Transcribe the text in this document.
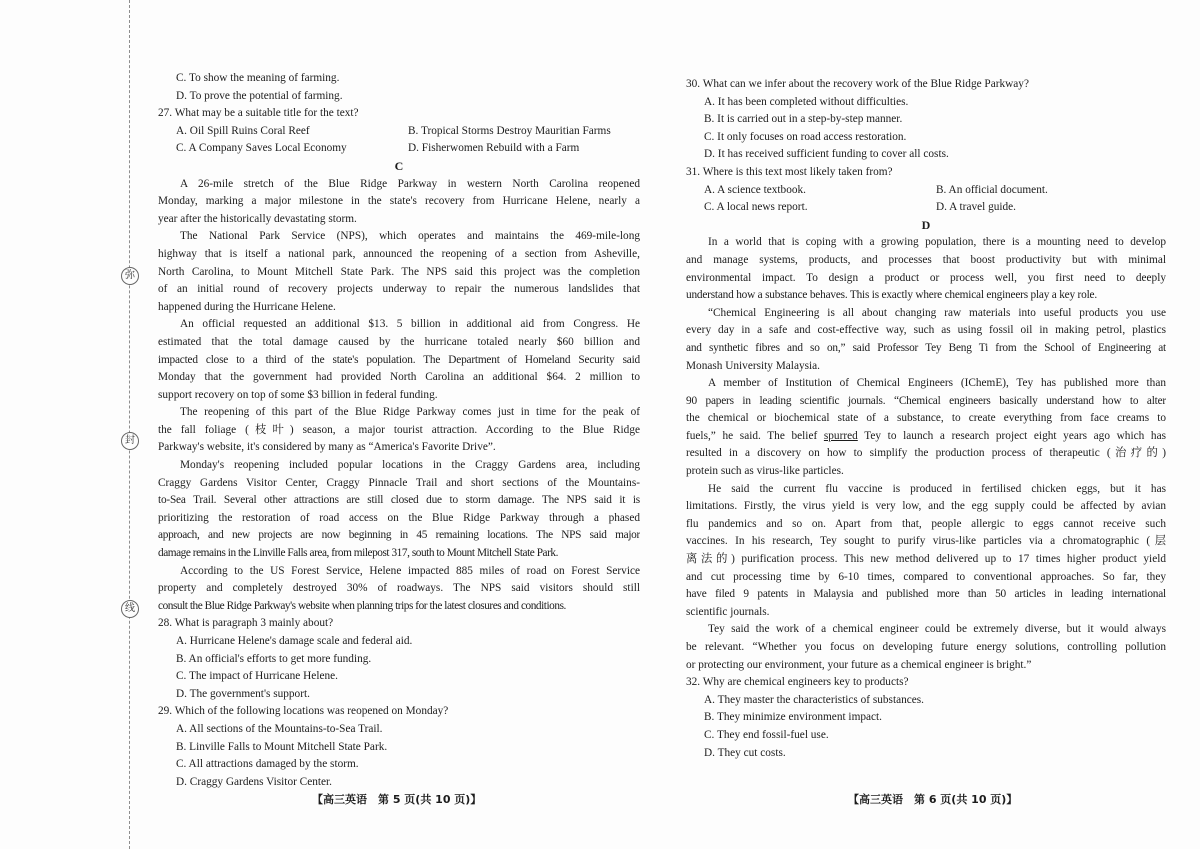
弥
封
线
C. To show the meaning of farming.
D. To prove the potential of farming.
27. What may be a suitable title for the text?
A. Oil Spill Ruins Coral Reef	B. Tropical Storms Destroy Mauritian Farms
C. A Company Saves Local Economy	D. Fisherwomen Rebuild with a Farm
C
A 26-mile stretch of the Blue Ridge Parkway in western North Carolina reopened
Monday, marking a major milestone in the state's recovery from Hurricane Helene, nearly a
year after the historically devastating storm.
The National Park Service (NPS), which operates and maintains the 469-mile-long
highway that is itself a national park, announced the reopening of a section from Asheville,
North Carolina, to Mount Mitchell State Park. The NPS said this project was the completion
of an initial round of recovery projects underway to repair the numerous landslides that
happened during the Hurricane Helene.
An official requested an additional $13. 5 billion in additional aid from Congress. He
estimated that the total damage caused by the hurricane totaled nearly $60 billion and
impacted close to a third of the state's population. The Department of Homeland Security said
Monday that the government had provided North Carolina an additional $64. 2 million to
support recovery on top of some $3 billion in federal funding.
The reopening of this part of the Blue Ridge Parkway comes just in time for the peak of
the fall foliage (枝叶) season, a major tourist attraction. According to the Blue Ridge
Parkway's website, it's considered by many as “America's Favorite Drive”.
Monday's reopening included popular locations in the Craggy Gardens area, including
Craggy Gardens Visitor Center, Craggy Pinnacle Trail and short sections of the Mountains-
to-Sea Trail. Several other attractions are still closed due to storm damage. The NPS said it is
prioritizing the restoration of road access on the Blue Ridge Parkway through a phased
approach, and new projects are now beginning in 45 remaining locations. The NPS said major
damage remains in the Linville Falls area, from milepost 317, south to Mount Mitchell State Park.
According to the US Forest Service, Helene impacted 885 miles of road on Forest Service
property and completely destroyed 30% of roadways. The NPS said visitors should still
consult the Blue Ridge Parkway's website when planning trips for the latest closures and conditions.
28. What is paragraph 3 mainly about?
A. Hurricane Helene's damage scale and federal aid.
B. An official's efforts to get more funding.
C. The impact of Hurricane Helene.
D. The government's support.
29. Which of the following locations was reopened on Monday?
A. All sections of the Mountains-to-Sea Trail.
B. Linville Falls to Mount Mitchell State Park.
C. All attractions damaged by the storm.
D. Craggy Gardens Visitor Center.
30. What can we infer about the recovery work of the Blue Ridge Parkway?
A. It has been completed without difficulties.
B. It is carried out in a step-by-step manner.
C. It only focuses on road access restoration.
D. It has received sufficient funding to cover all costs.
31. Where is this text most likely taken from?
A. A science textbook.	B. An official document.
C. A local news report.	D. A travel guide.
D
In a world that is coping with a growing population, there is a mounting need to develop
and manage systems, products, and processes that boost productivity but with minimal
environmental impact. To design a product or process well, you first need to deeply
understand how a substance behaves. This is exactly where chemical engineers play a key role.
“Chemical Engineering is all about changing raw materials into useful products you use
every day in a safe and cost-effective way, such as using fossil oil in making petrol, plastics
and synthetic fibres and so on,” said Professor Tey Beng Ti from the School of Engineering at
Monash University Malaysia.
A member of Institution of Chemical Engineers (IChemE), Tey has published more than
90 papers in leading scientific journals. “Chemical engineers basically understand how to alter
the chemical or biochemical state of a substance, to create everything from face creams to
fuels,” he said. The belief spurred Tey to launch a research project eight years ago which has
resulted in a discovery on how to simplify the production process of therapeutic (治疗的)
protein such as virus-like particles.
He said the current flu vaccine is produced in fertilised chicken eggs, but it has
limitations. Firstly, the virus yield is very low, and the egg supply could be affected by avian
flu pandemics and so on. Apart from that, people allergic to eggs cannot receive such
vaccines. In his research, Tey sought to purify virus-like particles via a chromatographic (层
离法的) purification process. This new method delivered up to 17 times higher product yield
and cut processing time by 6-10 times, compared to conventional approaches. So far, they
have filed 9 patents in Malaysia and published more than 50 articles in leading international
scientific journals.
Tey said the work of a chemical engineer could be extremely diverse, but it would always
be relevant. “Whether you focus on developing future energy solutions, controlling pollution
or protecting our environment, your future as a chemical engineer is bright.”
32. Why are chemical engineers key to products?
A. They master the characteristics of substances.
B. They minimize environment impact.
C. They end fossil-fuel use.
D. They cut costs.
【高三英语　第 5 页(共 10 页)】	【高三英语　第 6 页(共 10 页)】
